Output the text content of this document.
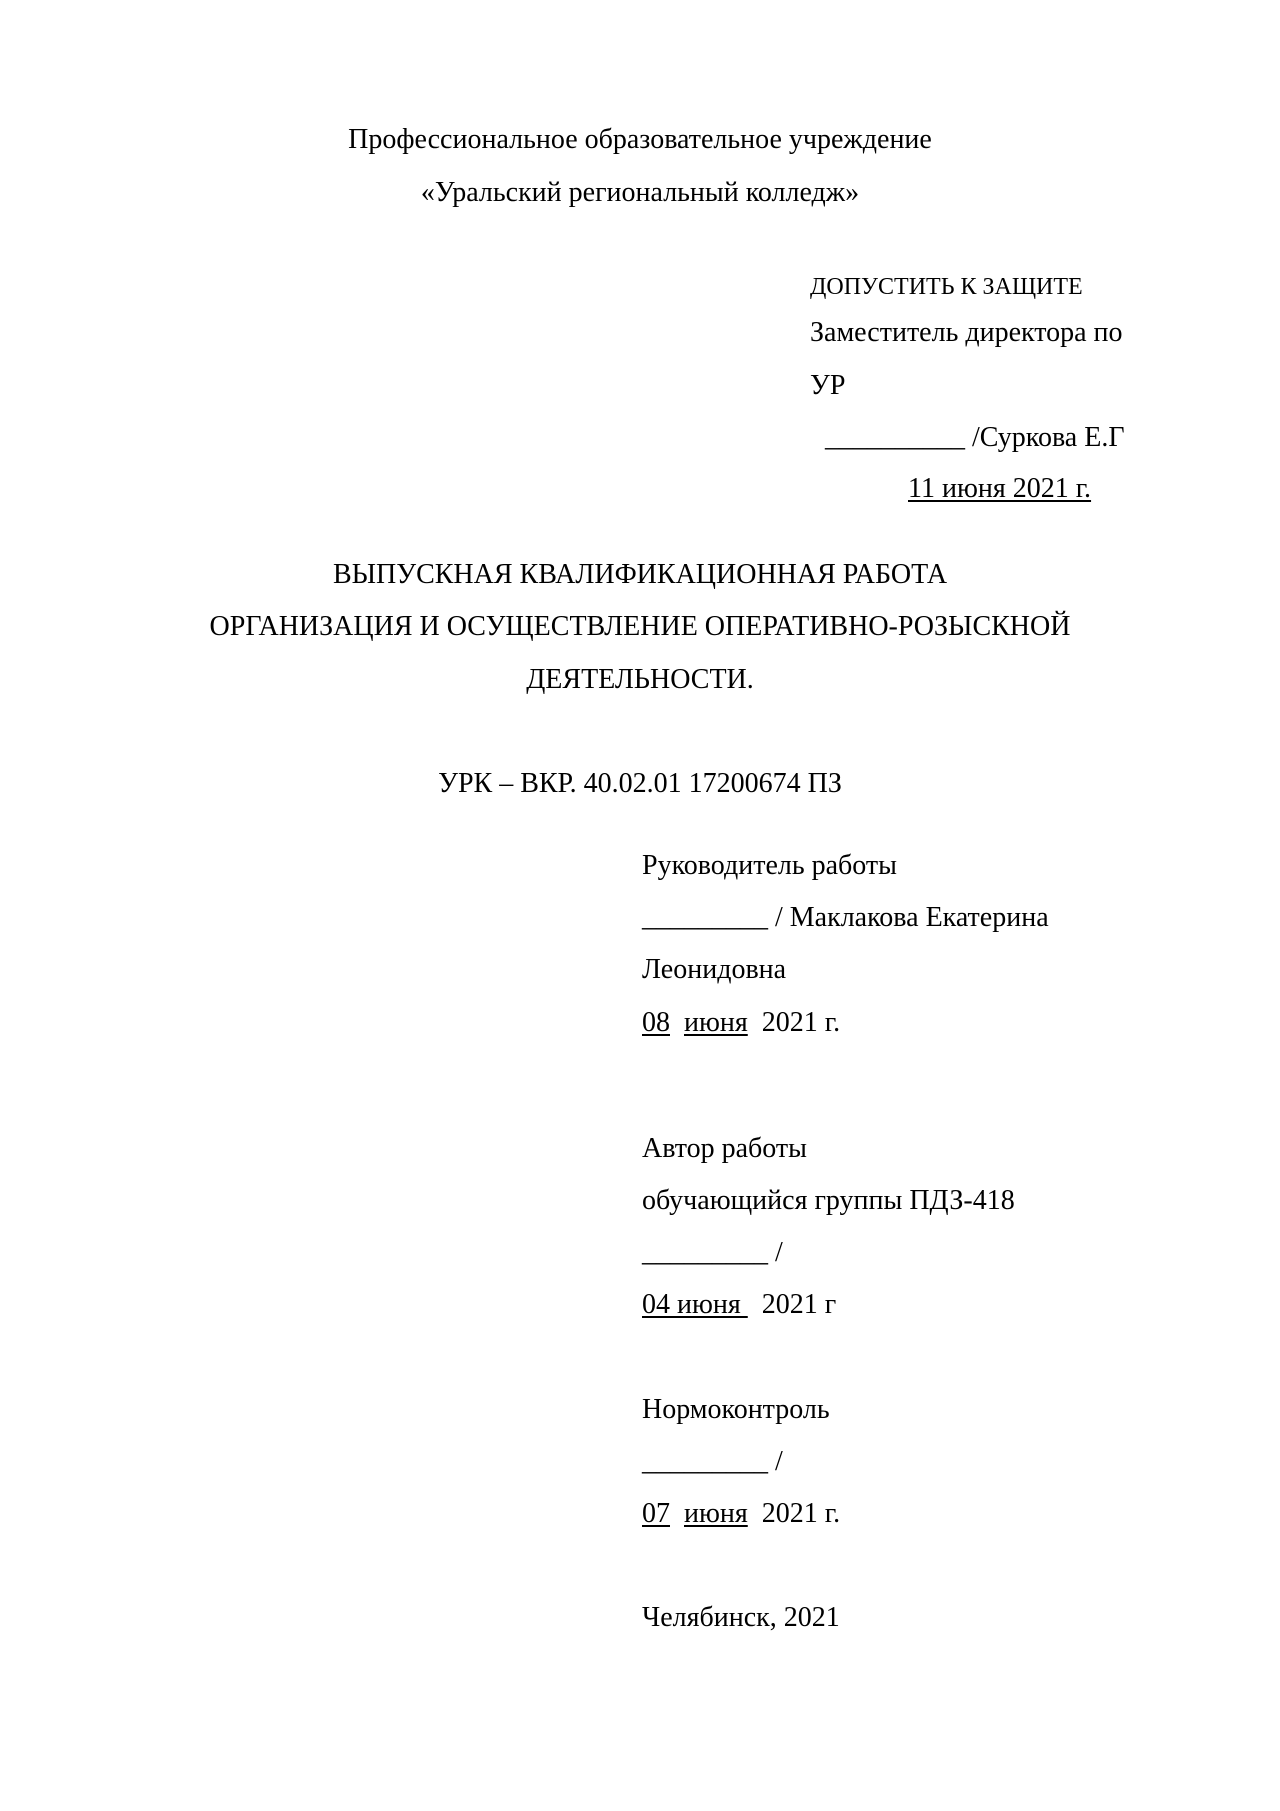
Профессиональное образовательное учреждение
«Уральский региональный колледж»
ДОПУСТИТЬ К ЗАЩИТЕ
Заместитель директора по
УР
__________ /Суркова Е.Г
11 июня 2021 г.
ВЫПУСКНАЯ КВАЛИФИКАЦИОННАЯ РАБОТА
ОРГАНИЗАЦИЯ И ОСУЩЕСТВЛЕНИЕ ОПЕРАТИВНО-РОЗЫСКНОЙ
ДЕЯТЕЛЬНОСТИ.
УРК – ВКР. 40.02.01 17200674 ПЗ
Руководитель работы
_________ / Маклакова Екатерина
Леонидовна
08 июня 2021 г.
Автор работы
обучающийся группы ПДЗ-418
_________ /
04 июня   2021 г
Нормоконтроль
_________ /
07 июня 2021 г.
Челябинск, 2021
